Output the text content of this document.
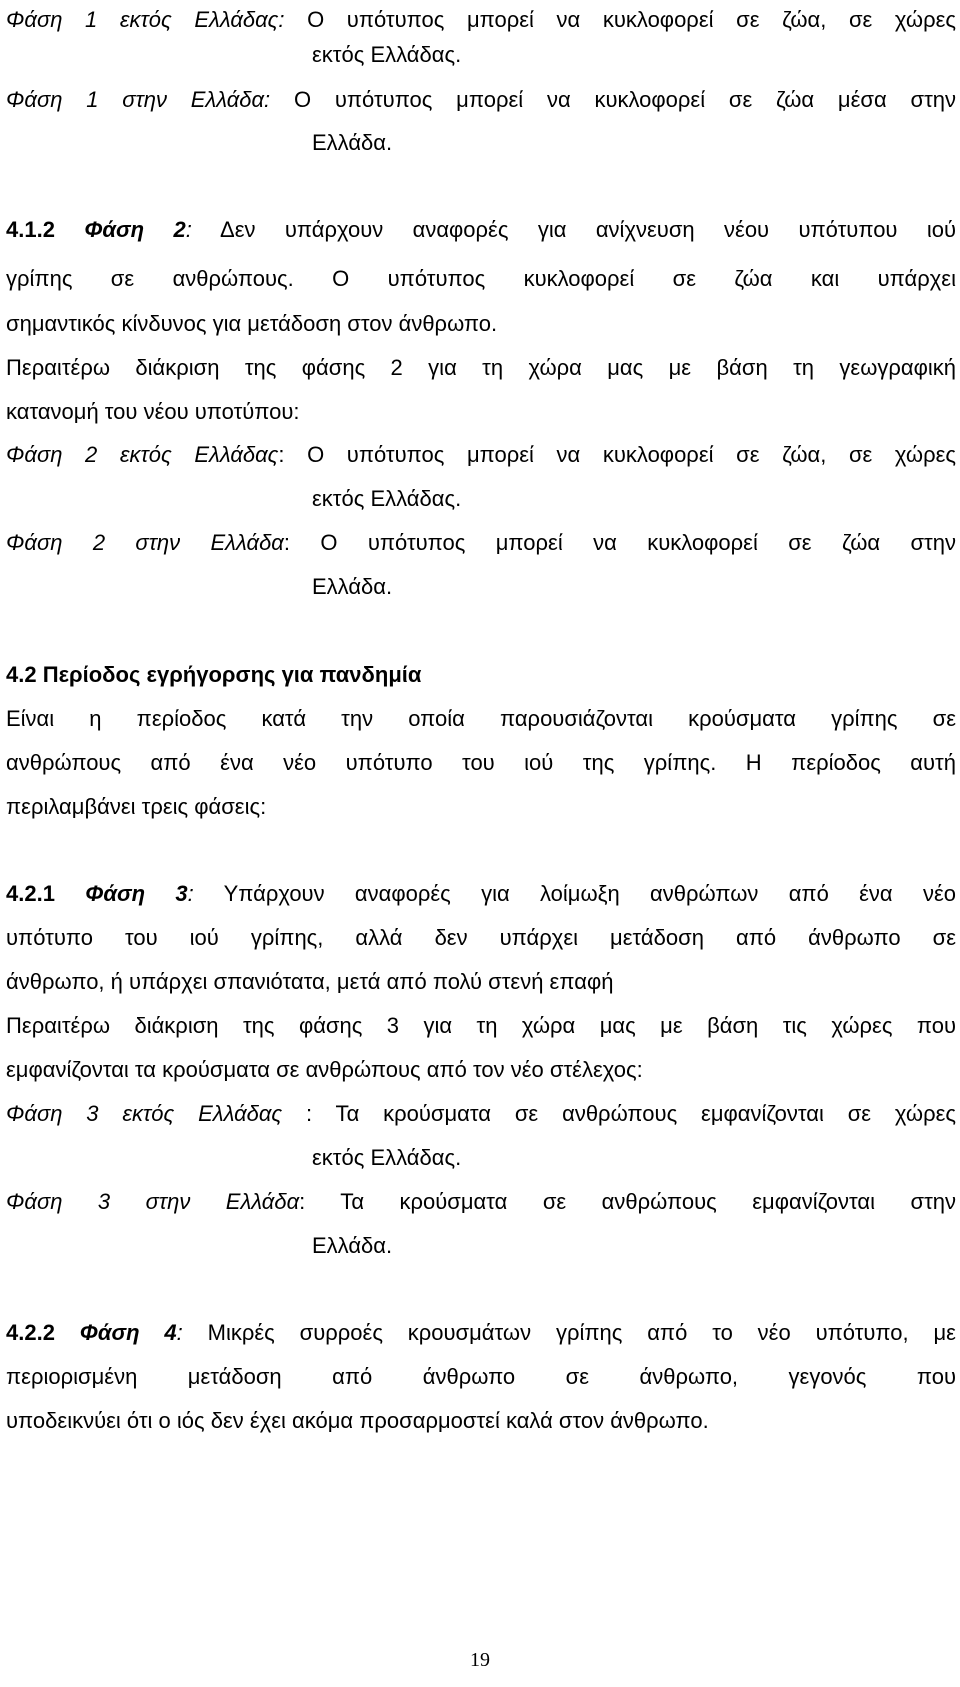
Φάση 1 εκτός Ελλάδας: Ο υπότυπος μπορεί να κυκλοφορεί σε ζώα, σε χώρες
εκτός Ελλάδας.
Φάση 1 στην Ελλάδα: Ο υπότυπος μπορεί να κυκλοφορεί σε ζώα μέσα στην
Ελλάδα.
4.1.2 Φάση 2: Δεν υπάρχουν αναφορές για ανίχνευση νέου υπότυπου ιού
γρίπης σε ανθρώπους. Ο υπότυπος κυκλοφορεί σε ζώα και υπάρχει
σημαντικός κίνδυνος για μετάδοση στον άνθρωπο.
Περαιτέρω διάκριση της φάσης 2 για τη χώρα μας με βάση τη γεωγραφική
κατανομή του νέου υποτύπου:
Φάση 2 εκτός Ελλάδας: Ο υπότυπος μπορεί να κυκλοφορεί σε ζώα, σε χώρες
εκτός Ελλάδας.
Φάση 2 στην Ελλάδα: Ο υπότυπος μπορεί να κυκλοφορεί σε ζώα στην
Ελλάδα.
4.2 Περίοδος εγρήγορσης για πανδημία
Είναι η περίοδος κατά την οποία παρουσιάζονται κρούσματα γρίπης σε
ανθρώπους από ένα νέο υπότυπο του ιού της γρίπης. Η περίοδος αυτή
περιλαμβάνει τρεις φάσεις:
4.2.1 Φάση 3: Υπάρχουν αναφορές για λοίμωξη ανθρώπων από ένα νέο
υπότυπο του ιού γρίπης, αλλά δεν υπάρχει μετάδοση από άνθρωπο σε
άνθρωπο, ή υπάρχει σπανιότατα, μετά από πολύ στενή επαφή
Περαιτέρω διάκριση της φάσης 3 για τη χώρα μας με βάση τις χώρες που
εμφανίζονται τα κρούσματα σε ανθρώπους από τον νέο στέλεχος:
Φάση 3 εκτός Ελλάδας : Τα κρούσματα σε ανθρώπους εμφανίζονται σε χώρες
εκτός Ελλάδας.
Φάση 3 στην Ελλάδα: Τα κρούσματα σε ανθρώπους εμφανίζονται στην
Ελλάδα.
4.2.2 Φάση 4: Μικρές συρροές κρουσμάτων γρίπης από το νέο υπότυπο, με
περιορισμένη μετάδοση από άνθρωπο σε άνθρωπο, γεγονός που
υποδεικνύει ότι ο ιός δεν έχει ακόμα προσαρμοστεί καλά στον άνθρωπο.
19
